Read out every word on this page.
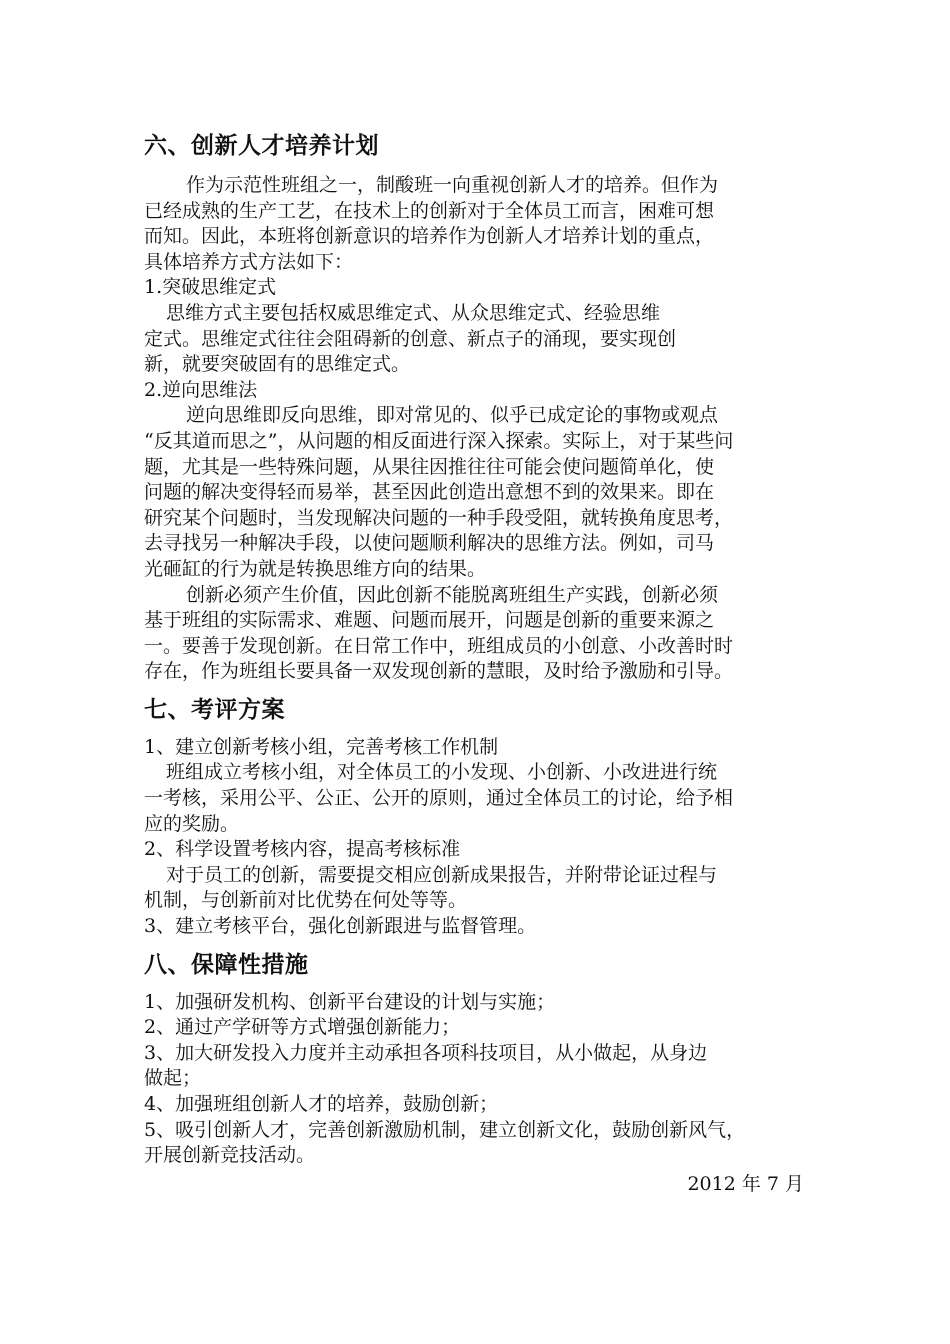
六、创新人才培养计划

作为示范性班组之一，制酸班一向重视创新人才的培养。但作为

已经成熟的生产工艺，在技术上的创新对于全体员工而言，困难可想

而知。因此，本班将创新意识的培养作为创新人才培养计划的重点，

具体培养方式方法如下：

1.突破思维定式

思维方式主要包括权威思维定式、从众思维定式、经验思维

定式。思维定式往往会阻碍新的创意、新点子的涌现，要实现创

新，就要突破固有的思维定式。

2.逆向思维法

逆向思维即反向思维，即对常见的、似乎已成定论的事物或观点

“反其道而思之”，从问题的相反面进行深入探索。实际上，对于某些问

题，尤其是一些特殊问题，从果往因推往往可能会使问题简单化，使

问题的解决变得轻而易举，甚至因此创造出意想不到的效果来。即在

研究某个问题时，当发现解决问题的一种手段受阻，就转换角度思考，

去寻找另一种解决手段，以使问题顺利解决的思维方法。例如，司马

光砸缸的行为就是转换思维方向的结果。

创新必须产生价值，因此创新不能脱离班组生产实践，创新必须

基于班组的实际需求、难题、问题而展开，问题是创新的重要来源之

一。要善于发现创新。在日常工作中，班组成员的小创意、小改善时时

存在，作为班组长要具备一双发现创新的慧眼，及时给予激励和引导。

七、考评方案

1、建立创新考核小组，完善考核工作机制

班组成立考核小组，对全体员工的小发现、小创新、小改进进行统

一考核，采用公平、公正、公开的原则，通过全体员工的讨论，给予相

应的奖励。

2、科学设置考核内容，提高考核标准

对于员工的创新，需要提交相应创新成果报告，并附带论证过程与

机制，与创新前对比优势在何处等等。

3、建立考核平台，强化创新跟进与监督管理。

八、保障性措施

1、加强研发机构、创新平台建设的计划与实施；

2、通过产学研等方式增强创新能力；

3、加大研发投入力度并主动承担各项科技项目，从小做起，从身边

做起；

4、加强班组创新人才的培养，鼓励创新；

5、吸引创新人才，完善创新激励机制，建立创新文化，鼓励创新风气，

开展创新竞技活动。

2012 年 7 月
